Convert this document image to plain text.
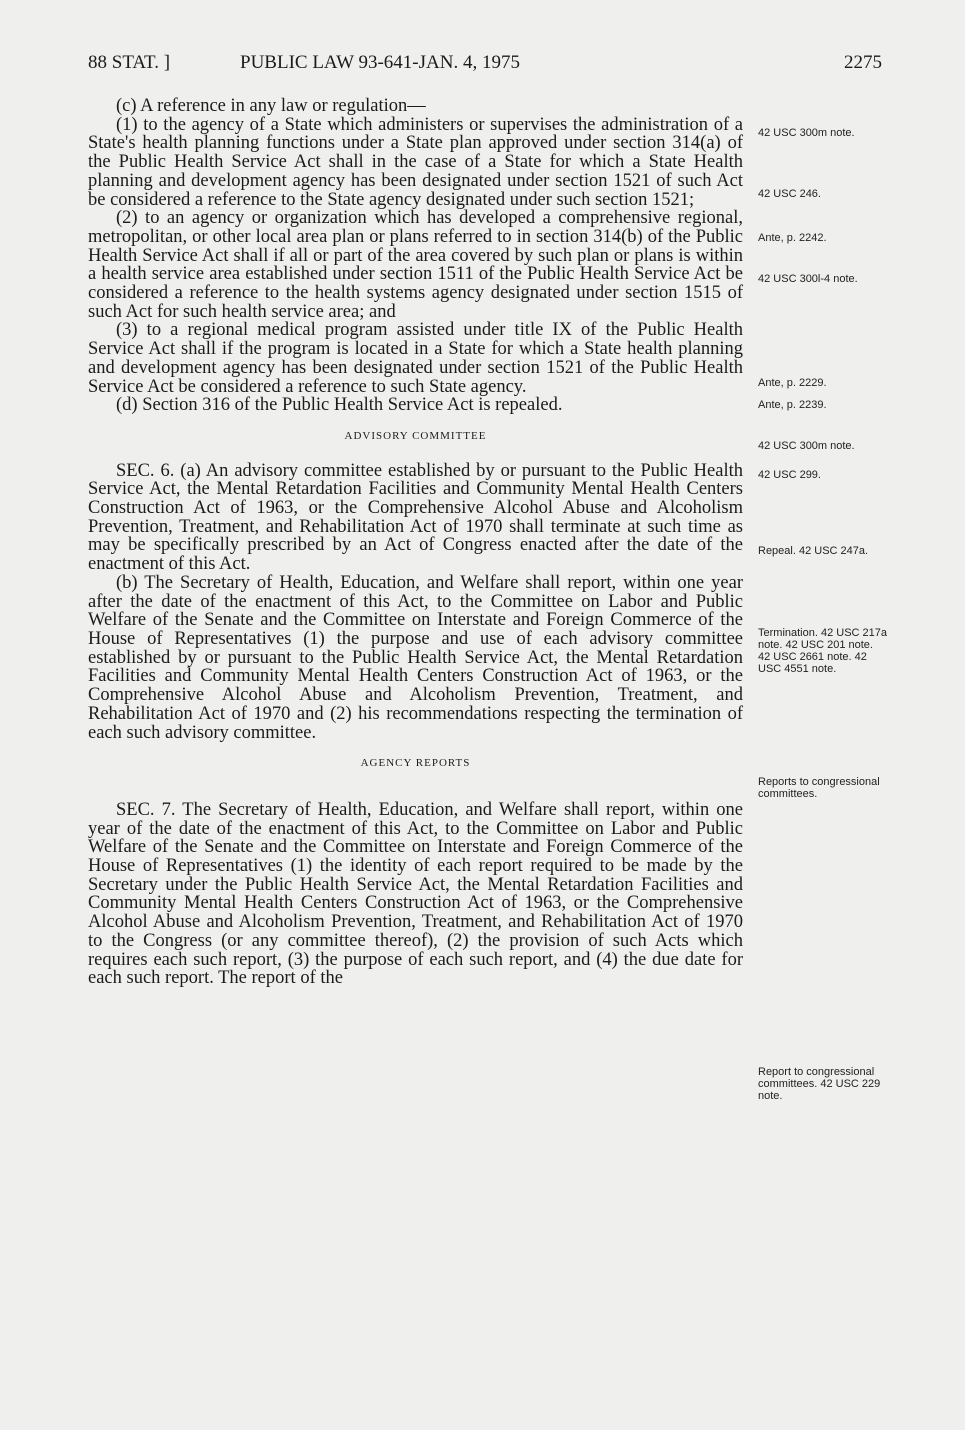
88 STAT. ]	PUBLIC LAW 93-641-JAN. 4, 1975	2275

(c) A reference in any law or regulation—

(1) to the agency of a State which administers or supervises the administration of a State's health planning functions under a State plan approved under section 314(a) of the Public Health Service Act shall in the case of a State for which a State Health planning and development agency has been designated under section 1521 of such Act be considered a reference to the State agency designated under such section 1521;

(2) to an agency or organization which has developed a comprehensive regional, metropolitan, or other local area plan or plans referred to in section 314(b) of the Public Health Service Act shall if all or part of the area covered by such plan or plans is within a health service area established under section 1511 of the Public Health Service Act be considered a reference to the health systems agency designated under section 1515 of such Act for such health service area; and

(3) to a regional medical program assisted under title IX of the Public Health Service Act shall if the program is located in a State for which a State health planning and development agency has been designated under section 1521 of the Public Health Service Act be considered a reference to such State agency.

(d) Section 316 of the Public Health Service Act is repealed.

ADVISORY COMMITTEE

SEC. 6. (a) An advisory committee established by or pursuant to the Public Health Service Act, the Mental Retardation Facilities and Community Mental Health Centers Construction Act of 1963, or the Comprehensive Alcohol Abuse and Alcoholism Prevention, Treatment, and Rehabilitation Act of 1970 shall terminate at such time as may be specifically prescribed by an Act of Congress enacted after the date of the enactment of this Act.

(b) The Secretary of Health, Education, and Welfare shall report, within one year after the date of the enactment of this Act, to the Committee on Labor and Public Welfare of the Senate and the Committee on Interstate and Foreign Commerce of the House of Representatives (1) the purpose and use of each advisory committee established by or pursuant to the Public Health Service Act, the Mental Retardation Facilities and Community Mental Health Centers Construction Act of 1963, or the Comprehensive Alcohol Abuse and Alcoholism Prevention, Treatment, and Rehabilitation Act of 1970 and (2) his recommendations respecting the termination of each such advisory committee.

AGENCY REPORTS

SEC. 7. The Secretary of Health, Education, and Welfare shall report, within one year of the date of the enactment of this Act, to the Committee on Labor and Public Welfare of the Senate and the Committee on Interstate and Foreign Commerce of the House of Representatives (1) the identity of each report required to be made by the Secretary under the Public Health Service Act, the Mental Retardation Facilities and Community Mental Health Centers Construction Act of 1963, or the Comprehensive Alcohol Abuse and Alcoholism Prevention, Treatment, and Rehabilitation Act of 1970 to the Congress (or any committee thereof), (2) the provision of such Acts which requires each such report, (3) the purpose of each such report, and (4) the due date for each such report. The report of the

42 USC 300m note.
42 USC 246.
Ante, p. 2242.
42 USC 300l-4 note.
Ante, p. 2229.
Ante, p. 2239.
42 USC 300m note.
42 USC 299.
Repeal. 42 USC 247a.
Termination. 42 USC 217a note. 42 USC 201 note. 42 USC 2661 note. 42 USC 4551 note.
Reports to congressional committees.
Report to congressional committees. 42 USC 229 note.
